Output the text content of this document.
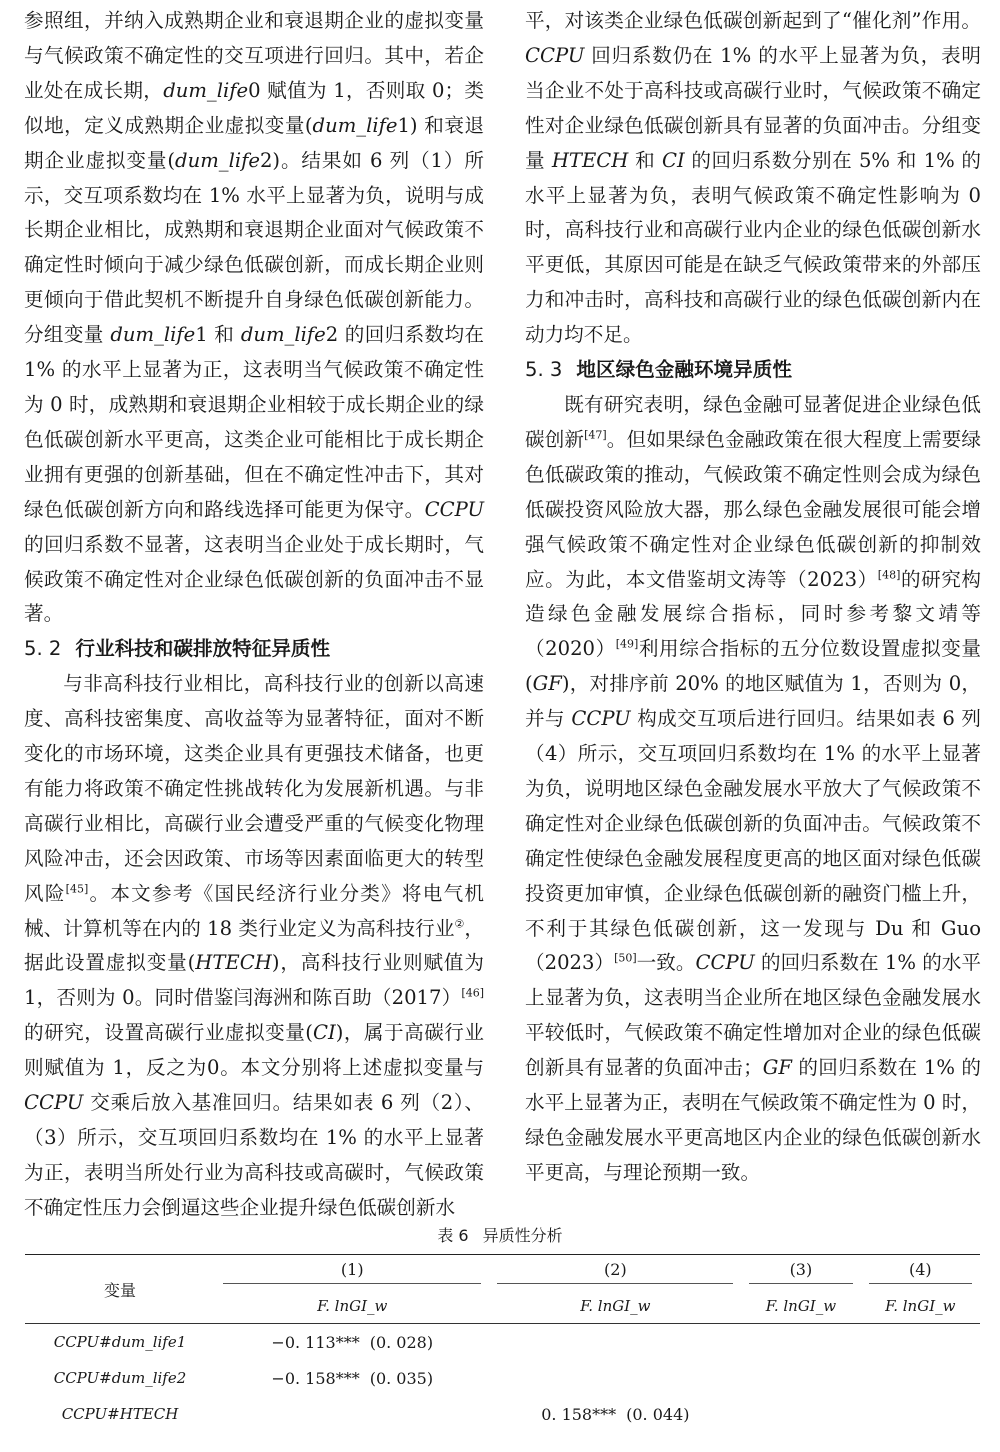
参照组，并纳入成熟期企业和衰退期企业的虚拟变量与气候政策不确定性的交互项进行回归。其中，若企业处在成长期，dum_life0 赋值为 1，否则取 0；类似地，定义成熟期企业虚拟变量(dum_life1) 和衰退期企业虚拟变量(dum_life2)。结果如 6 列（1）所示，交互项系数均在 1% 水平上显著为负，说明与成长期企业相比，成熟期和衰退期企业面对气候政策不确定性时倾向于减少绿色低碳创新，而成长期企业则更倾向于借此契机不断提升自身绿色低碳创新能力。分组变量 dum_life1 和 dum_life2 的回归系数均在 1% 的水平上显著为正，这表明当气候政策不确定性为 0 时，成熟期和衰退期企业相较于成长期企业的绿色低碳创新水平更高，这类企业可能相比于成长期企业拥有更强的创新基础，但在不确定性冲击下，其对绿色低碳创新方向和路线选择可能更为保守。CCPU 的回归系数不显著，这表明当企业处于成长期时，气候政策不确定性对企业绿色低碳创新的负面冲击不显著。

5. 2 行业科技和碳排放特征异质性

与非高科技行业相比，高科技行业的创新以高速度、高科技密集度、高收益等为显著特征，面对不断变化的市场环境，这类企业具有更强技术储备，也更有能力将政策不确定性挑战转化为发展新机遇。与非高碳行业相比，高碳行业会遭受严重的气候变化物理风险冲击，还会因政策、市场等因素面临更大的转型风险[45]。本文参考《国民经济行业分类》将电气机械、计算机等在内的 18 类行业定义为高科技行业②，据此设置虚拟变量(HTECH)，高科技行业则赋值为 1，否则为 0。同时借鉴闫海洲和陈百助（2017）[46]的研究，设置高碳行业虚拟变量(CI)，属于高碳行业则赋值为 1，反之为0。本文分别将上述虚拟变量与 CCPU 交乘后放入基准回归。结果如表 6 列（2）、（3）所示，交互项回归系数均在 1% 的水平上显著为正，表明当所处行业为高科技或高碳时，气候政策不确定性压力会倒逼这些企业提升绿色低碳创新水

平，对该类企业绿色低碳创新起到了“催化剂”作用。CCPU 回归系数仍在 1% 的水平上显著为负，表明当企业不处于高科技或高碳行业时，气候政策不确定性对企业绿色低碳创新具有显著的负面冲击。分组变量 HTECH 和 CI 的回归系数分别在 5% 和 1% 的水平上显著为负，表明气候政策不确定性影响为 0 时，高科技行业和高碳行业内企业的绿色低碳创新水平更低，其原因可能是在缺乏气候政策带来的外部压力和冲击时，高科技和高碳行业的绿色低碳创新内在动力均不足。

5. 3 地区绿色金融环境异质性

既有研究表明，绿色金融可显著促进企业绿色低碳创新[47]。但如果绿色金融政策在很大程度上需要绿色低碳政策的推动，气候政策不确定性则会成为绿色低碳投资风险放大器，那么绿色金融发展很可能会增强气候政策不确定性对企业绿色低碳创新的抑制效应。为此，本文借鉴胡文涛等（2023）[48]的研究构造绿色金融发展综合指标，同时参考黎文靖等（2020）[49]利用综合指标的五分位数设置虚拟变量(GF)，对排序前 20% 的地区赋值为 1，否则为 0，并与 CCPU 构成交互项后进行回归。结果如表 6 列（4）所示，交互项回归系数均在 1% 的水平上显著为负，说明地区绿色金融发展水平放大了气候政策不确定性对企业绿色低碳创新的负面冲击。气候政策不确定性使绿色金融发展程度更高的地区面对绿色低碳投资更加审慎，企业绿色低碳创新的融资门槛上升，不利于其绿色低碳创新，这一发现与 Du 和 Guo（2023）[50]一致。CCPU 的回归系数在 1% 的水平上显著为负，这表明当企业所在地区绿色金融发展水平较低时，气候政策不确定性增加对企业的绿色低碳创新具有显著的负面冲击；GF 的回归系数在 1% 的水平上显著为正，表明在气候政策不确定性为 0 时，绿色金融发展水平更高地区内企业的绿色低碳创新水平更高，与理论预期一致。

表 6 异质性分析
变量	(1)	(2)	(3)	(4)

	F. lnGI_w	F. lnGI_w	F. lnGI_w	F. lnGI_w
CCPU#dum_life1	−0. 113*** (0. 028)			
CCPU#dum_life2	−0. 158*** (0. 035)			
CCPU#HTECH		0. 158*** (0. 044)		
